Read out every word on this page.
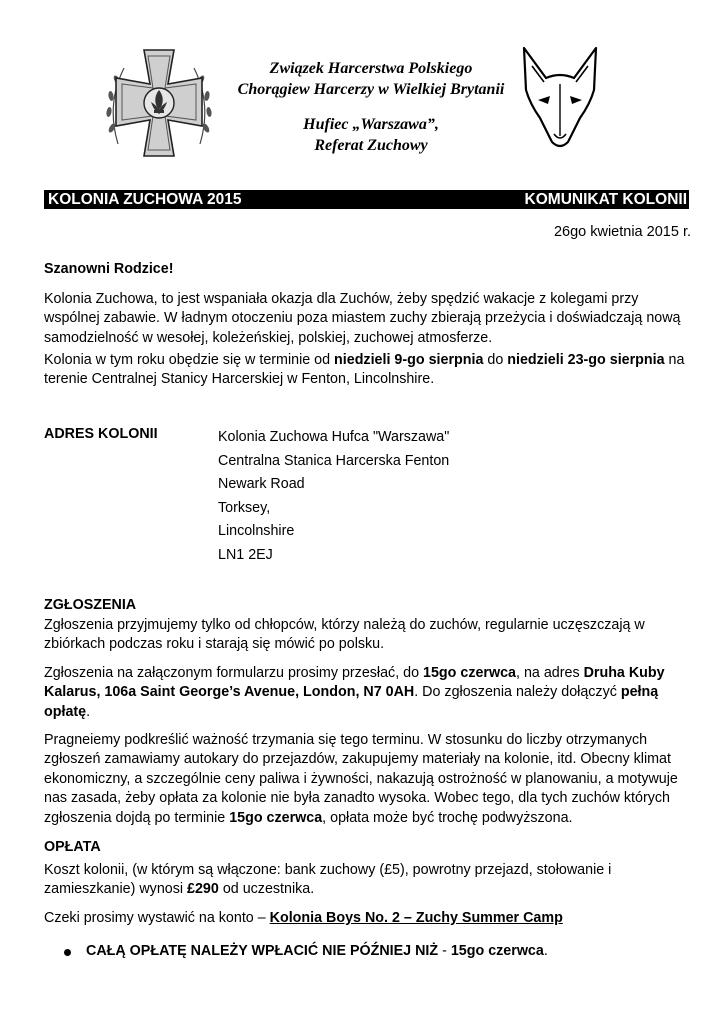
Związek Harcerstwa Polskiego
Chorągiew Harcerzy w Wielkiej Brytanii
Hufiec „Warszawa”,
Referat Zuchowy
KOLONIA ZUCHOWA 2015	KOMUNIKAT KOLONII
26go kwietnia 2015 r.

Szanowni Rodzice!

Kolonia Zuchowa, to jest wspaniała okazja dla Zuchów, żeby spędzić wakacje z kolegami przy wspólnej zabawie. W ładnym otoczeniu poza miastem zuchy zbierają przeżycia i doświadczają nową samodzielność w wesołej, koleżeńskiej, polskiej, zuchowej atmosferze.

Kolonia w tym roku obędzie się w terminie od niedzieli 9-go sierpnia do niedzieli 23-go sierpnia na terenie Centralnej Stanicy Harcerskiej w Fenton, Lincolnshire.

ADRES KOLONII	Kolonia Zuchowa Hufca "Warszawa"
Centralna Stanica Harcerska Fenton
Newark Road
Torksey,
Lincolnshire
LN1 2EJ

ZGŁOSZENIA

Zgłoszenia przyjmujemy tylko od chłopców, którzy należą do zuchów, regularnie uczęszczają w zbiórkach podczas roku i starają się mówić po polsku.

Zgłoszenia na załączonym formularzu prosimy przesłać, do 15go czerwca, na adres Druha Kuby Kalarus, 106a Saint George’s Avenue, London, N7 0AH. Do zgłoszenia należy dołączyć pełną opłatę.

Pragneiemy podkreślić ważność trzymania się tego terminu. W stosunku do liczby otrzymanych zgłoszeń zamawiamy autokary do przejazdów, zakupujemy materiały na kolonie, itd. Obecny klimat ekonomiczny, a szczególnie ceny paliwa i żywności, nakazują ostrożność w planowaniu, a motywuje nas zasada, żeby opłata za kolonie nie była zanadto wysoka. Wobec tego, dla tych zuchów których zgłoszenia dojdą po terminie 15go czerwca, opłata może być trochę podwyższona.

OPŁATA

Koszt kolonii, (w którym są włączone: bank zuchowy (£5), powrotny przejazd, stołowanie i zamieszkanie) wynosi £290 od uczestnika.

Czeki prosimy wystawić na konto – Kolonia Boys No. 2 – Zuchy Summer Camp

CAŁĄ OPŁATĘ NALEŻY WPŁACIĆ NIE PÓŹNIEJ NIŻ - 15go czerwca.
